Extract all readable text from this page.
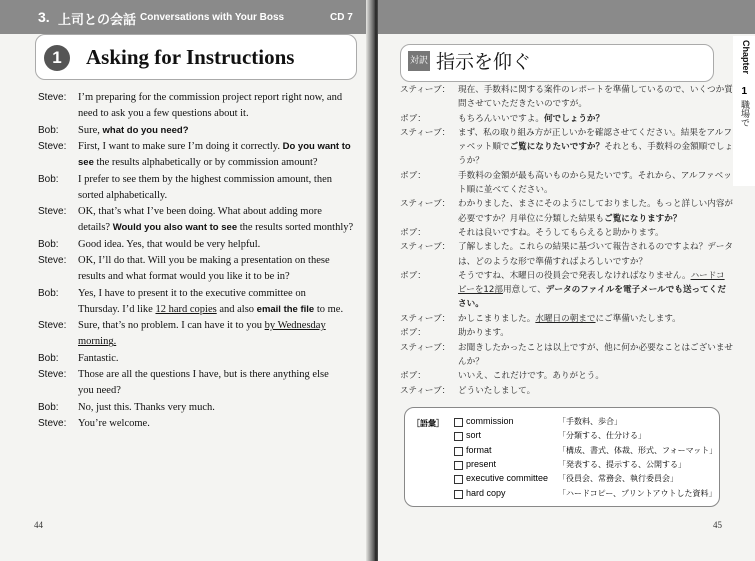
3. 上司との会話 Conversations with Your Boss	CD 7
1	Asking for Instructions
Steve: I’m preparing for the commission project report right now, and
need to ask you a few questions about it.
Bob: Sure, what do you need?
Steve: First, I want to make sure I’m doing it correctly. Do you want to
see the results alphabetically or by commission amount?
Bob: I prefer to see them by the highest commission amount, then
sorted alphabetically.
Steve: OK, that’s what I’ve been doing. What about adding more
details? Would you also want to see the results sorted monthly?
Bob: Good idea. Yes, that would be very helpful.
Steve: OK, I’ll do that. Will you be making a presentation on these
results and what format would you like it to be in?
Bob: Yes, I have to present it to the executive committee on
Thursday. I’d like 12 hard copies and also email the file to me.
Steve: Sure, that’s no problem. I can have it to you by Wednesday
morning.
Bob: Fantastic.
Steve: Those are all the questions I have, but is there anything else
you need?
Bob: No, just this. Thanks very much.
Steve: You’re welcome.
44
対訳 指示を仰ぐ	Chapter
1
職場で
スティーブ： 現在、手数料に関する案件のレポートを準備しているので、いくつか質
問させていただきたいのですが。
ボブ：	もちろんいいですよ。何でしょうか？
スティーブ： まず、私の取り組み方が正しいかを確認させてください。結果をアルフ
ァベット順でご覧になりたいですか？それとも、手数料の金額順でしょ
うか？
ボブ：	手数料の金額が最も高いものから見たいです。それから、アルファベッ
ト順に並べてください。
スティーブ： わかりました、まさにそのようにしておりました。もっと詳しい内容が
必要ですか？月単位に分類した結果もご覧になりますか？
ボブ：	それは良いですね。そうしてもらえると助かります。
スティーブ： 了解しました。これらの結果に基づいて報告されるのですよね？データ
は、どのような形で準備すればよろしいですか？
ボブ：	そうですね、木曜日の役員会で発表しなければなりません。ハードコ
ピーを12部用意して、データのファイルを電子メールでも送ってくだ
さい。
スティーブ： かしこまりました。水曜日の朝までにご準備いたします。
ボブ：	助かります。
スティーブ： お聞きしたかったことは以上ですが、他に何か必要なことはございませ
んか？
ボブ：	いいえ、これだけです。ありがとう。
スティーブ： どういたしまして。
［語彙］ commission	「手数料、歩合」
sort	「分類する、仕分ける」
format	「構成、書式、体裁、形式、フォーマット」
present	「発表する、提示する、公開する」
executive committee 「役員会、常務会、執行委員会」
hard copy	「ハードコピー、プリントアウトした資料」
45
